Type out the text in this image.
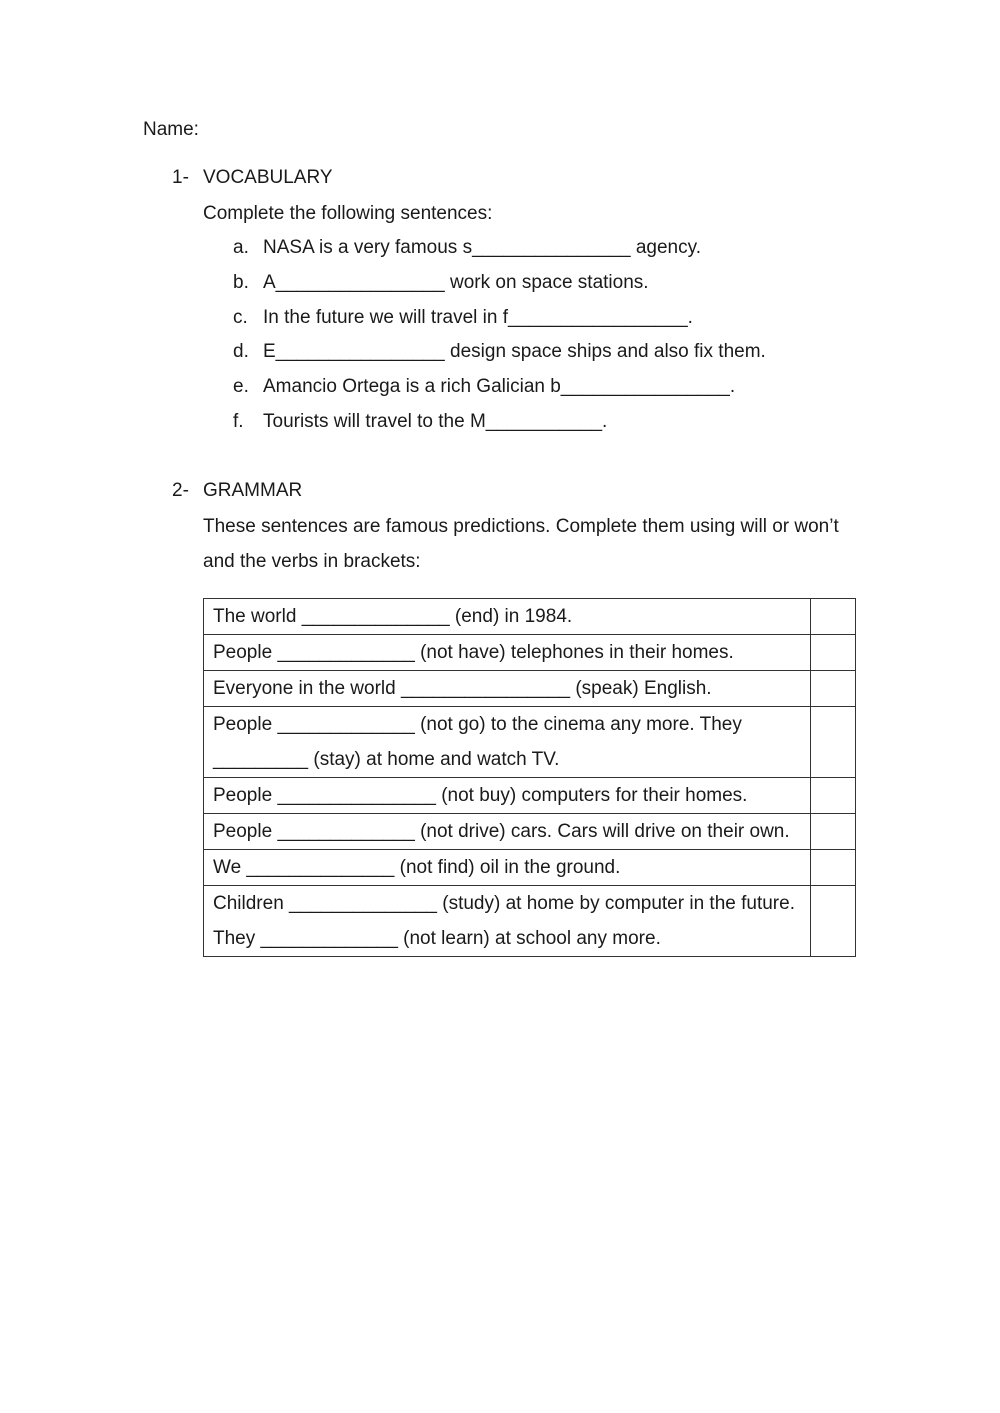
Name:
1- VOCABULARY
Complete the following sentences:
a. NASA is a very famous s_______________ agency.
b. A________________ work on space stations.
c. In the future we will travel in f_________________.
d. E________________ design space ships and also fix them.
e. Amancio Ortega is a rich Galician b________________.
f.	Tourists will travel to the M___________.
2- GRAMMAR
These sentences are famous predictions. Complete them using will or won’t and the verbs in brackets:
The world ______________ (end) in 1984.	
People _____________ (not have) telephones in their homes.	
Everyone in the world ________________ (speak) English.	
People _____________ (not go) to the cinema any more. They _________ (stay) at home and watch TV.	
People _______________ (not buy) computers for their homes.	
People _____________ (not drive) cars. Cars will drive on their own.	
We ______________ (not find) oil in the ground.	
Children ______________ (study) at home by computer in the future. They _____________ (not learn) at school any more.	
